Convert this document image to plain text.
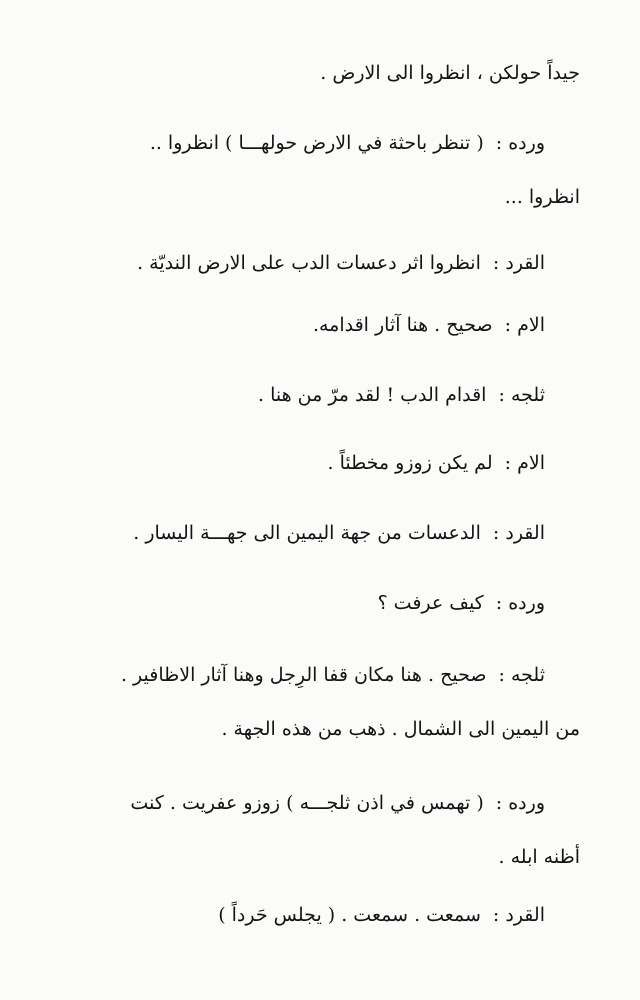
جيداً حولكن ، انظروا الى الارض .
ورده : ( تنظر باحثة في الارض حولهـــا ) انظروا ..
انظروا ...
القرد : انظروا اثر دعسات الدب على الارض النديّة .
الام : صحيح . هنا آثار اقدامه.
ثلجه : اقدام الدب ! لقد مرّ من هنا .
الام : لم يكن زوزو مخطئاً .
القرد : الدعسات من جهة اليمين الى جهـــة اليسار .
ورده : كيف عرفت ؟
ثلجه : صحيح . هنا مكان قفا الرِجل وهنا آثار الاظافير .
من اليمين الى الشمال . ذهب من هذه الجهة .
ورده : ( تهمس في اذن ثلجـــه ) زوزو عفريت . كنت
أظنه ابله .
القرد : سمعت . سمعت . ( يجلس حَرداً )
